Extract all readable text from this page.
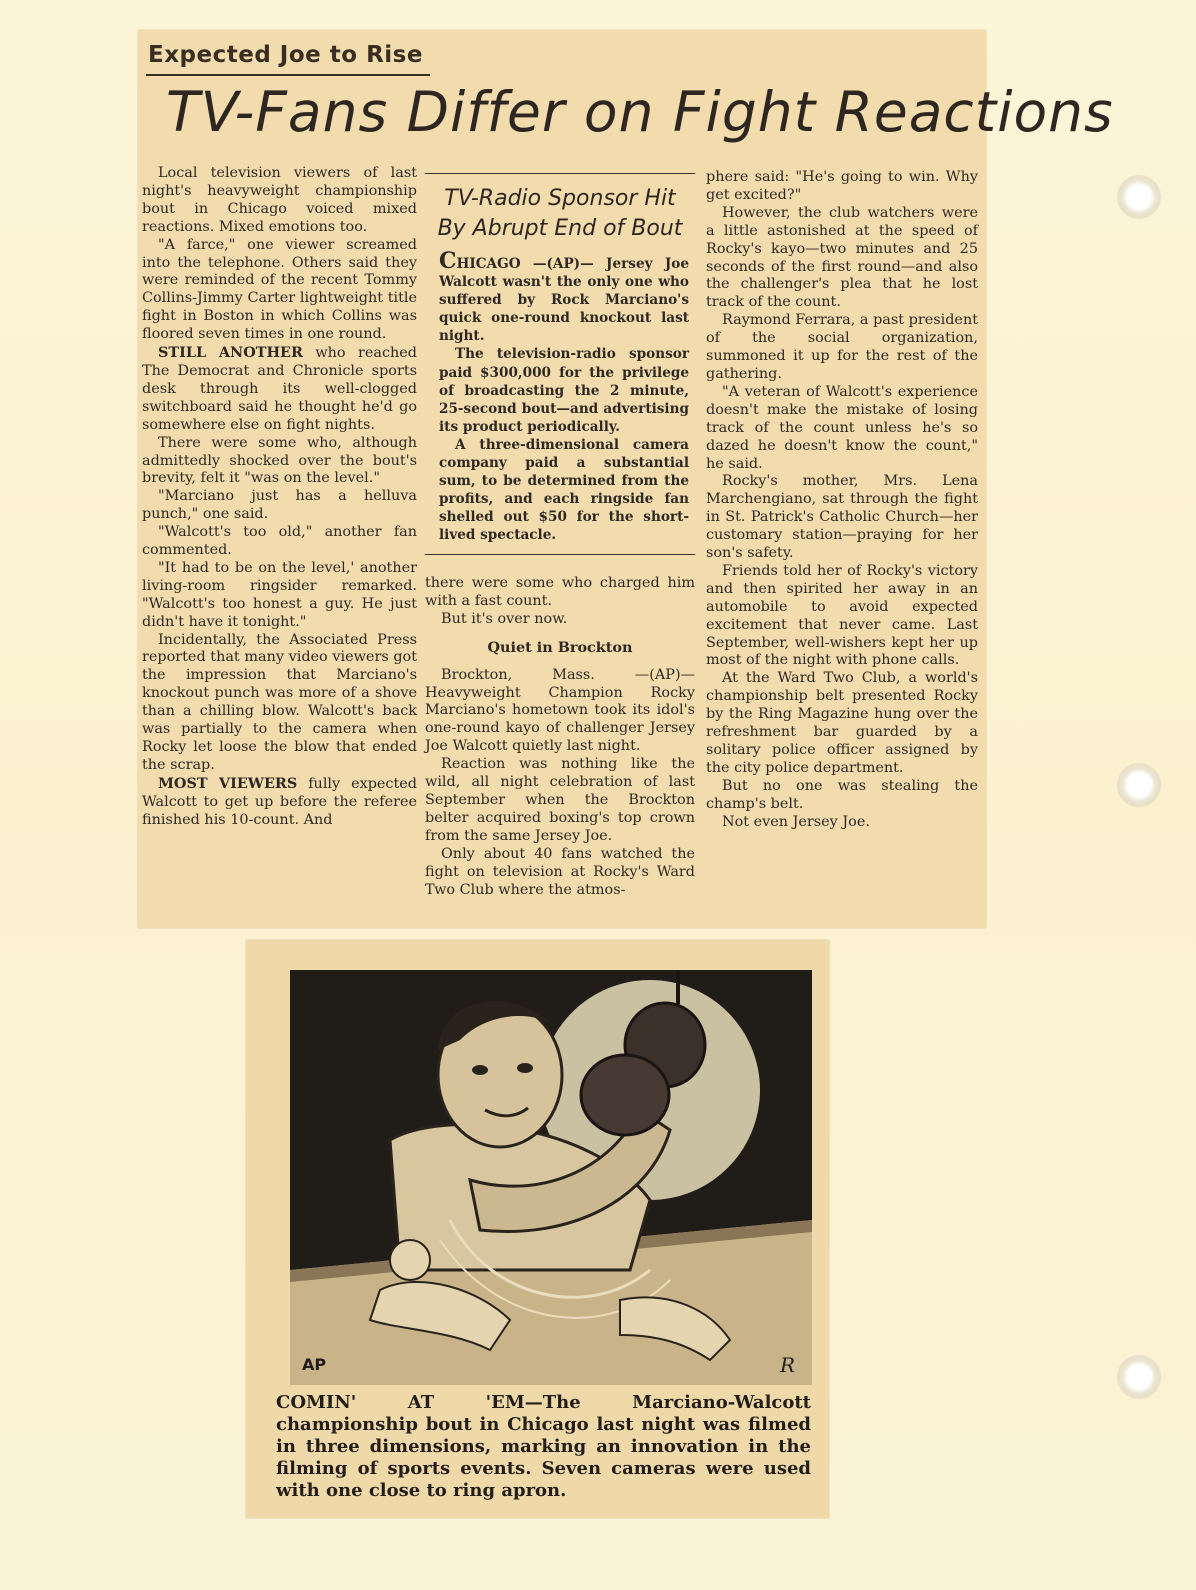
Expected Joe to Rise
TV-Fans Differ on Fight Reactions

Local television viewers of last night's heavyweight championship bout in Chicago voiced mixed reactions. Mixed emotions too.

"A farce," one viewer screamed into the telephone. Others said they were reminded of the recent Tommy Collins-Jimmy Carter lightweight title fight in Boston in which Collins was floored seven times in one round.

STILL ANOTHER who reached The Democrat and Chronicle sports desk through its well-clogged switchboard said he thought he'd go somewhere else on fight nights.

There were some who, although admittedly shocked over the bout's brevity, felt it "was on the level."

"Marciano just has a helluva punch," one said.

"Walcott's too old," another fan commented.

"It had to be on the level,' another living-room ringsider remarked. "Walcott's too honest a guy. He just didn't have it tonight."

Incidentally, the Associated Press reported that many video viewers got the impression that Marciano's knockout punch was more of a shove than a chilling blow. Walcott's back was partially to the camera when Rocky let loose the blow that ended the scrap.

MOST VIEWERS fully expected Walcott to get up before the referee finished his 10-count. And

TV-Radio Sponsor Hit
By Abrupt End of Bout

CHICAGO —(AP)— Jersey Joe Walcott wasn't the only one who suffered by Rock Marciano's quick one-round knockout last night.

The television-radio sponsor paid $300,000 for the privilege of broadcasting the 2 minute, 25-second bout—and advertising its product periodically.

A three-dimensional camera company paid a substantial sum, to be determined from the profits, and each ringside fan shelled out $50 for the short-lived spectacle.

there were some who charged him with a fast count.

But it's over now.

Quiet in Brockton

Brockton, Mass. —(AP)— Heavyweight Champion Rocky Marciano's hometown took its idol's one-round kayo of challenger Jersey Joe Walcott quietly last night.

Reaction was nothing like the wild, all night celebration of last September when the Brockton belter acquired boxing's top crown from the same Jersey Joe.

Only about 40 fans watched the fight on television at Rocky's Ward Two Club where the atmos-

phere said: "He's going to win. Why get excited?"

However, the club watchers were a little astonished at the speed of Rocky's kayo—two minutes and 25 seconds of the first round—and also the challenger's plea that he lost track of the count.

Raymond Ferrara, a past president of the social organization, summoned it up for the rest of the gathering.

"A veteran of Walcott's experience doesn't make the mistake of losing track of the count unless he's so dazed he doesn't know the count," he said.

Rocky's mother, Mrs. Lena Marchengiano, sat through the fight in St. Patrick's Catholic Church—her customary station—praying for her son's safety.

Friends told her of Rocky's victory and then spirited her away in an automobile to avoid expected excitement that never came. Last September, well-wishers kept her up most of the night with phone calls.

At the Ward Two Club, a world's championship belt presented Rocky by the Ring Magazine hung over the refreshment bar guarded by a solitary police officer assigned by the city police department.

But no one was stealing the champ's belt.

Not even Jersey Joe.

AP	R
COMIN' AT 'EM—The Marciano-Walcott championship bout in Chicago last night was filmed in three dimensions, marking an innovation in the filming of sports events. Seven cameras were used with one close to ring apron.
